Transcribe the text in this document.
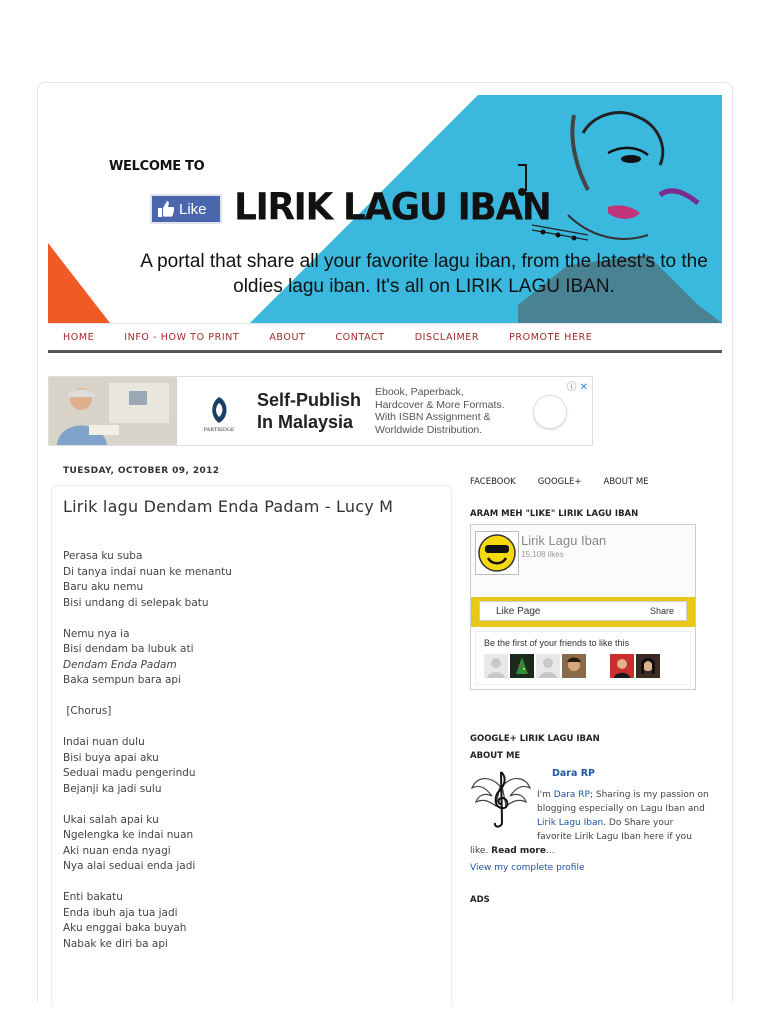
WELCOME TO
Like LIRIK LAGU IBAN
A portal that share all your favorite lagu iban, from the latest's to the
oldies lagu iban. It's all on LIRIK LAGU IBAN.
HOME	INFO - HOW TO PRINT	ABOUT	CONTACT	DISCLAIMER	PROMOTE HERE
PARTRIDGE
Self-Publish
In Malaysia
Ebook, Paperback,
Hardcover & More Formats.
With ISBN Assignment &
Worldwide Distribution.
ⓘ ✕
TUESDAY, OCTOBER 09, 2012
Lirik lagu Dendam Enda Padam - Lucy M
Perasa ku suba
Di tanya indai nuan ke menantu
Baru aku nemu
Bisi undang di selepak batu
Nemu nya ia
Bisi dendam ba lubuk ati
Dendam Enda Padam
Baka sempun bara api
[Chorus]
Indai nuan dulu
Bisi buya apai aku
Seduai madu pengerindu
Bejanji ka jadi sulu
Ukai salah apai ku
Ngelengka ke indai nuan
Aki nuan enda nyagi
Nya alai seduai enda jadi
Enti bakatu
Enda ibuh aja tua jadi
Aku enggai baka buyah
Nabak ke diri ba api
FACEBOOK	GOOGLE+	ABOUT ME
ARAM MEH "LIKE" LIRIK LAGU IBAN
Lirik Lagu Iban
15,108 likes
Like Page	Share
Be the first of your friends to like this
GOOGLE+ LIRIK LAGU IBAN
ABOUT ME
Dara RP
I'm Dara RP; Sharing is my passion on
blogging especially on Lagu Iban and
Lirik Lagu Iban. Do Share your
favorite Lirik Lagu Iban here if you
like. Read more...
View my complete profile
ADS
